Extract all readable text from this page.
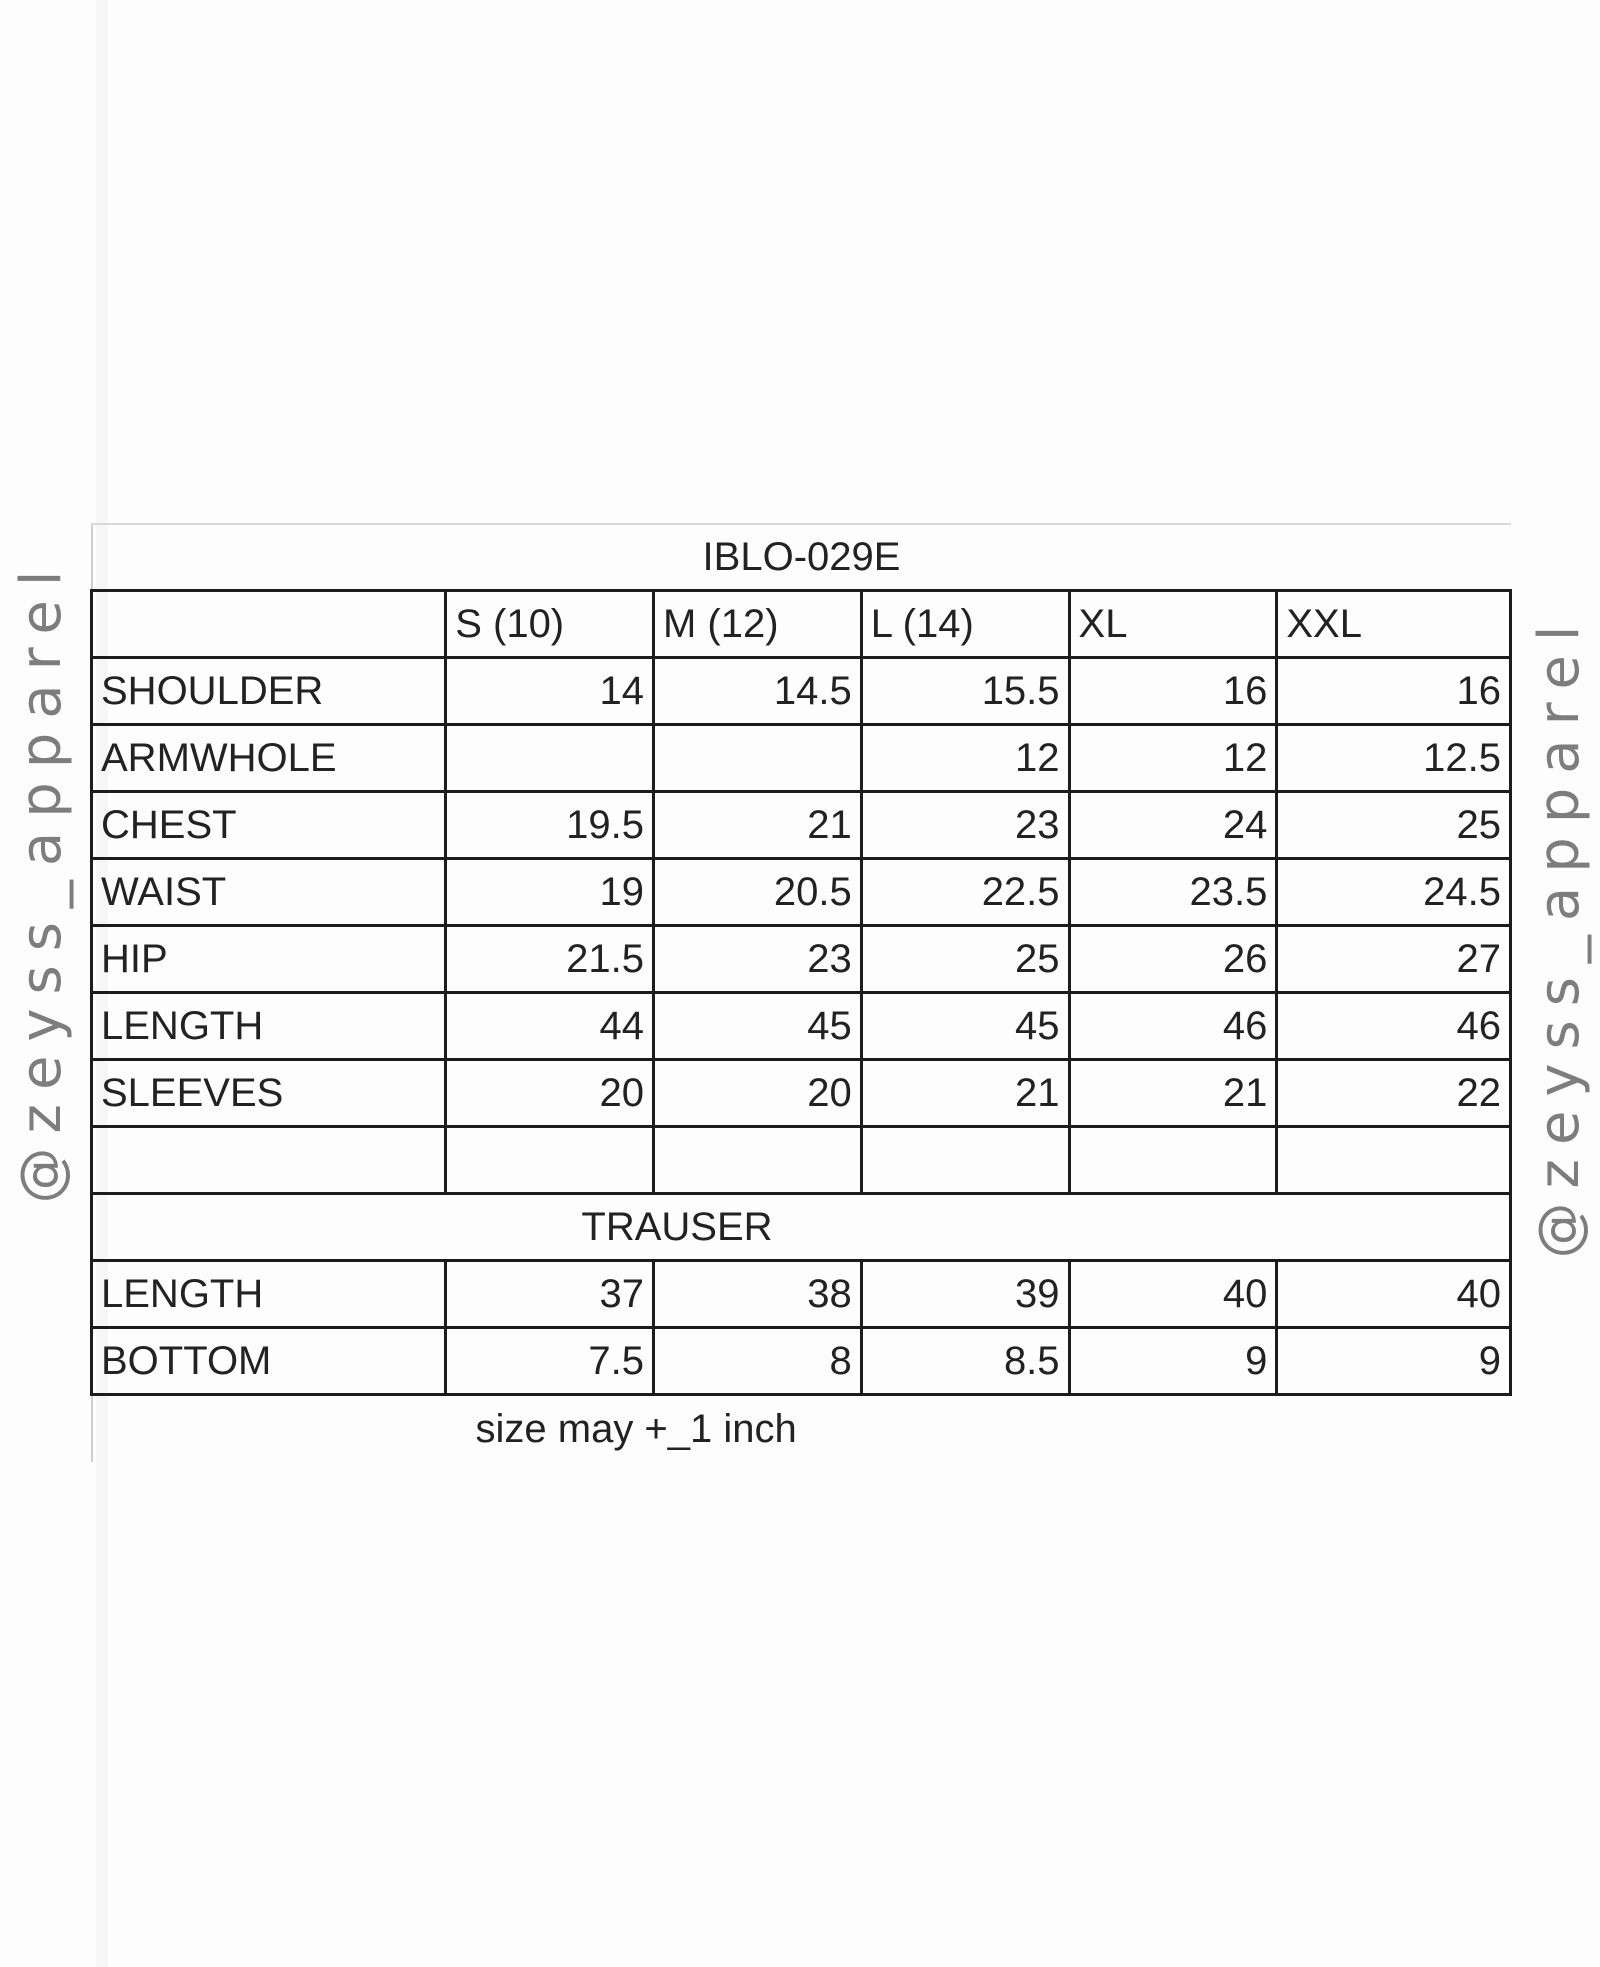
@zeyss_apparel	@zeyss_apparel
IBLO-029E					
	S (10)	M (12)	L (14)	XL	XXL
SHOULDER	14	14.5	15.5	16	16
ARMWHOLE			12	12	12.5
CHEST	19.5	21	23	24	25
WAIST	19	20.5	22.5	23.5	24.5
HIP	21.5	23	25	26	27
LENGTH	44	45	45	46	46
SLEEVES	20	20	21	21	22

TRAUSER					
LENGTH	37	38	39	40	40
BOTTOM	7.5	8	8.5	9	9

size may +_1 inch					
